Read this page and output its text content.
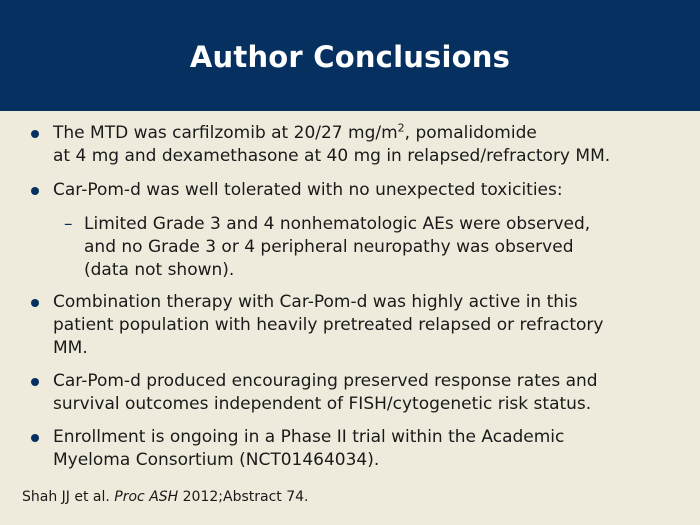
Author Conclusions
The MTD was carfilzomib at 20/27 $mg/m^2$, pomalidomide
at 4 mg and dexamethasone at 40 mg in relapsed/refractory MM.
Car-Pom-d was well tolerated with no unexpected toxicities:
– Limited Grade 3 and 4 nonhematologic AEs were observed,
and no Grade 3 or 4 peripheral neuropathy was observed
(data not shown).
Combination therapy with Car-Pom-d was highly active in this
patient population with heavily pretreated relapsed or refractory
MM.
Car-Pom-d produced encouraging preserved response rates and
survival outcomes independent of FISH/cytogenetic risk status.
Enrollment is ongoing in a Phase II trial within the Academic
Myeloma Consortium (NCT01464034).
Shah JJ et al. Proc ASH 2012;Abstract 74.
